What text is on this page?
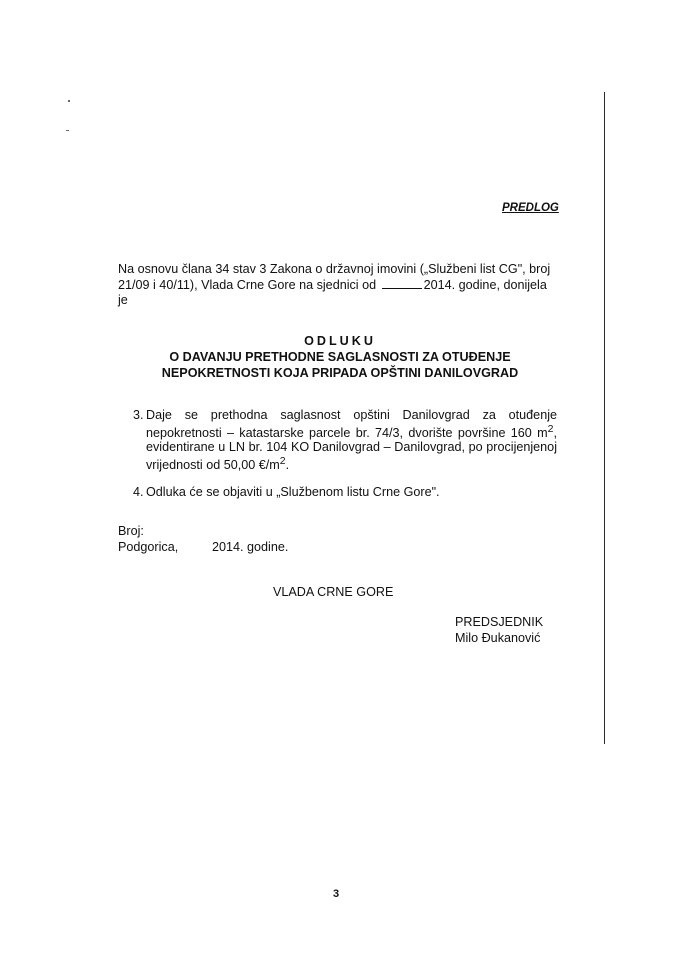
PREDLOG
Na osnovu člana 34 stav 3 Zakona o državnoj imovini („Službeni list CG", broj
21/09 i 40/11), Vlada Crne Gore na sjednici od	2014. godine, donijela
je
ODLUKU
O DAVANJU PRETHODNE SAGLASNOSTI ZA OTUĐENJE
NEPOKRETNOSTI KOJA PRIPADA OPŠTINI DANILOVGRAD
3. Daje se prethodna saglasnost opštini Danilovgrad za otuđenje nepokretnosti – katastarske parcele br. 74/3, dvorište površine 160 $m^2$, evidentirane u LN br. 104 KO Danilovgrad – Danilovgrad, po procijenjenoj vrijednosti od 50,00 $€/m^2$.
4. Odluka će se objaviti u „Službenom listu Crne Gore".
Broj:
Podgorica,	2014. godine.
VLADA CRNE GORE
PREDSJEDNIK
Milo Đukanović
3
